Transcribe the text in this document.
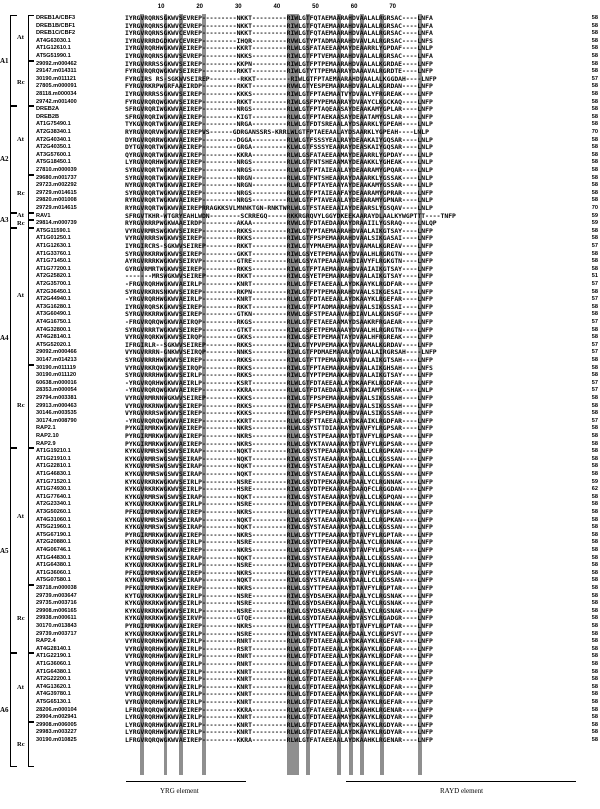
10	20	30	40	50	60	70
A1
At
Rc
A2
At
Rc
A3
At
Rc
A4
At
Rc
A5
At
Rc
A6
At
Rc
DREB1A/CBF3	IYRGVRQRNSGKWVSEVREP---------NKKT---------RIWLGTFQTAEMAARAHDVAALALRGRSAC----LNFA	58
DREB1B/CBF1	IYRGVRQRNSGKWVCEVREP---------NKKT---------RIWLGTFQTAEMAARAHDVAALALRGRSAC----LNFA	58
DREB1C/CBF2	IYRGVRQRNSGKWVCEVREP---------NKKT---------RIWLGTFQTAEMAARAHDVAALALRGRSAC----LNFA	58
AT4G63030.1	IYRGVRRRDGDKWVCEVREP---------IHQR---------RVWLGTYPTADMAARAHDVAVLALRGRSAC----LNFS	58
AT1G12610.1	IYRGVRQRHWGKWVAEIREP---------KKRT---------RLWLGSFATAEEAAMAYDEAARRLYGPDAF----LNLP	58
AT5G51990.1	IYRGVRQRNSGKWVSEVREP---------NKKS---------RIWLGTFPTVEMAARAHDVAALALRGRSAC----LNFA	58
29092.m000462	IYRGVRRRSSGKWVSEIREP---------KKPN---------RIWLGTFPTPEMAARAHDVAALALKGRDAE----LNFP	58
29147.m014311	FYRGVRQRQWGKWVSEIREP---------RKKT---------RIWLGTYTTPEMAARAYDAAAVALRGRDTE----LNFP	58
30190.m011121	FYRGIRS RS-SGKWVSEIREP--------RKKT---------RIWLGTFPTAEMAARAHDVAALALKGGDAH----LNFP	57
27805.m000091	FYRGVRKRPWGRFAAEIRDP---------RKKT---------RVWLGTYESPEMAARAHDVAALALKGRDAN----LNFP	58
28118.m000034	IYRGVRRRSSGKWVSEIREP---------KKKS---------RIWLGTFPTAEMAATVYDVAALYFRGREAK----LNFP	58
29742.m001400	FYRGVRQRQWGKWVSEIREP---------RKKT---------RIWLGSFPYPEMAARAYDVAAYCLKGCKAQ----LNFP	58
DREB2A	SFRGVRQRIWGKWVAEIREP---------NRGS---------RLWLGTFPTAQEAASAYDEAAKAMYGPLAR----LNFP	58
DREB2B	SFRGVRQRIWGKWVAEIREP---------KIGT---------RLWLGTFPTAEKAASAYDEAATAMYGSLAR----LNFP	58
AT1G75490.1	TYKGVRQRTWGKWVAEIREP---------NRGA---------RLWLGTFDTSREAALAYDSAARKLYGPEAH----LNLP	58
AT2G38340.1	RYRGVRQRVWGKWVAEIREPVS------GDRGANSSRS-KRRLWLGTFPTAEEAALAYDSAARKLYGPEAH----LNLP	70
AT2G40340.1	DYRGVRQRRWGKWVAEIREP---------DGGA---------RLWLGTFSSSYEALRAYDEAAKAIYGQSAR----LNLP	58
AT2G40350.1	DYTGVRQRTWGKWVAEIREP---------GRGA---------KLWLGTFSSSYEAARAYDEASKAIYGQSAR----LNLP	58
AT3G57600.1	QYRGVRQRTWGKWVAEIREP---------KKRA---------RLWLGSFATAEEAAMAYDEAARRLYGPDAY----LNLP	58
AT5G18450.1	LYRGVRQRHWGKWVAEIREP---------NRGS---------RLWLGTFNTSHEAAMAYDEAAKKLYGHEAK----LNLP	58
27810.m000039	SYRGVRQRTWGKWVAEIREP---------NRGS---------RLWLGTFPTAIEAALAYDEAARAMYGPQAR----LNLP	58
29680.m001737	SYRGVRQRTWGKWVAEIREP---------NRGN---------RLWLGTFNTSHEAARAYDAAARKLYGSSAK----LNLP	58
29723.m002292	NYRGVRQRTWGKWVAEIREP---------NRGN---------RLWLGTFPTAYEAAYAYDEAAKAMYGSSAR----LNLP	58
29729.m014615	SYRGVRQRTWGKWVAEIREP---------NRGS---------RLWLGTFPTAIEAAFAYDEAARAMYGPRAR----LNFP	58
29820.m001008	RYRGVRQRTWGKWVAEIREP---------NRGS---------RLWLGTFPTAVEAALAYDEAARAMYGPNAR----LNLP	58
29729.m014615	RYRGVRQRTWGKWVAEIREPRRAGKKSVLMNNKTGN-RNKTWRLWLGTFSTAEEAAIAYDEAARSLYGSQAV----LNLP	70
RAV1	SFRGVTKHR-WTGRYEAHLWDN--------SCRREGQ-----RKKRGRQVYLGGYDKEEKAARAYDLAALKYWGPTTT----TNFP	59
29814.m000739	RYRGVRRRPWGKWAAEIRDP---------AKAA---------RVWLGTFDTAEDAARAYDRAAIILYGSRAQ----LNLQP	59
AT5G11590.1	VYRGVRMRSWGKWVSEIREP---------RKKS---------RIWLGTYPTAEMAARAHDVAALAIKGTSAY----LNFP	58
AT1G01250.1	VYRGVRRRSWGKWVSEIREP---------RKKS---------RIWLGTFPSPEMAARAHDVAALSIKGASAI----LNFP	58
AT1G12630.1	IYRGIRCRS-SGKWVSEIREP--------RKKT---------RIWLGTYPMAEMAARAYDVAAMALKGREAV----LNFP	57
AT1G33760.1	SYRGVRKRRWGKWVSEIREP---------GKKT---------RIWLGSYETPEMAAAAYDVAALHLRGRGTN----LNFP	58
AT1G71450.1	AYRGVRRRKWGKWVSEIRVP---------GTRE---------RLWLGSYATPEAAAVAHDIAVYFLRGKGTN----LNFP	58
AT1G77200.1	GYRGVRMRTWGKWVSEIREP---------RKKS---------RIWLGTFPTAEMAARAHDVAAIAIKGTSAY----LNFP	58
AT2G25820.1	-------MRSWGKWVSEIREP--------RKKT---------RIWLGSYETPEMAARAHDVAALAIKGTSAY----LNFP	51
AT2G35700.1	-FRGVRQRHWGKWVAEIRLP---------KNRT---------RLWLGTFETAEEAALAYDKAAYKLRGDFAR----LNFP	57
AT2G36450.1	SYRGVRKRNSNKWVSEIREP---------RKPN---------RIWLGTFPTPEMAARAHDVAALSIKGESAI----LNFP	58
AT2G44940.1	-YRGVRQRHWGKWVAEIRLP---------KNRT---------RLWLGTFDTAEEAALAYDKAAYKLRGEFAR----LNFP	57
AT3G16280.1	IYRGVRQRSKGKWVSEIREP---------RKKT---------RIWLGTFPTADMAARAHDVAALSIKGSSAI----LNFP	58
AT3G60490.1	SYRGVRKRRWGKWVSEIREP---------GTKN---------RVWLGSFSTPEAAAVAHDIAVLALKGNSGF----LNFP	58
AT4G16750.1	-FRGVRQRQWGKWVAEIRQP---------RKGS---------RLWLGTFETAEEAAMAYDSAAKRFRGAEAR----LNFP	57
AT4G32800.1	SYRGVRRRTWGKWVSEIREP---------GTKT---------RIWLGSFETPEMAAAAYDVAALHLRGRGTN----LNFP	58
AT4G28140.1	VYRGVRQRKWGKWVSEIRQP---------GKKS---------RIWLGSFETPEMAATAYDVAALHFRGREAK----LNFP	58
AT5G52020.1	IFRGIRLR--SGKWVSEIREP--------RKKS---------RIWLGTYPVPEMAAKAYDVAAMALKGRDAV----LNFP	57
29092.m000466	VYNGVRRRN-GNKWVSEIRQP--------NNKS---------RIWLGTFPDMAEMAARAYDVAALAIRGRSAH----LNFP	57
30147.m014213	SYRGVRRRHWGKWVSEIREP---------RKKS---------RIWLGTFTTPEMAARAYDVAALAIKGTSAH----LNFP	58
30190.m011119	VYRGVRKRQWGKWVSEIRQP---------RKKS---------RIWLGTFPTAEMAARAHDVAALAIKGHSAH----LNFS	58
30190.m011120	SYRGVRRRHWGKWVSEIRLP---------RKKS---------RIWLGTYPTPEMAAKAHDVAALAIKGTSAY----LNFP	58
60638.m000016	-YRGVRQRHWGKWVAEIRLP---------KSRT---------RLWLGTFDTAEEAALAYDKAAFKLRGDFAR----LNFP	57
28353.m000054	-YRGVRQRQWGKWVAEIREP---------KKRA---------RLWLGTFDTAEDAALAYDKAAIAMYGSHAK----LNLP	57
29794.m003381	VYRGVRMRNNWGKWVSEIREP--------KKKS---------RIWLGTFPSPEMAARAHDVAALSIKGSSAH----LNFP	58
29913.m000463	VYRGVRKRNWGKWVSEIREP---------RKKS---------RIWLGTFPSAEMAARAHDVAALSIKGSSAH----LNFP	58
30146.m003535	VYRGVRRRSWGKWVSEIREP---------KKKS---------RIWLGTFPSPEMAARAHDVAALSIKGSSAH----LNFP	58
30174.m008790	-YRGVRQRQWGKWVAEIREP---------KKRT---------RLWLGSFTTAEEAALAYDKAAIKLRGDFAR----LNFP	57
RAP2.1	PYKGIRMRKWGKWVAEIREP---------NKRS---------RLWLGSYSTTDIAARAYDVAVFYLRGPSAR----LNFP	58
RAP2.10	PYRGIRMRKWGKWVAEIREP---------NKRS---------RLWLGSYSTPEAAARAYDTAVFYLRGPSAR----LNFP	58
RAP2.9	PYKGIRMRKWGKWVAEIREP---------NKRS---------RLWLGSYKTAVAAARAYDTAVFYLRGPSAR----LNFP	58
AT1G19210.1	KYKGVRMRSWGSWVSEIRAP---------NQKT---------RIWLGSYSTPEAAARAYDAALLCLRGPKAN----LNFP	58
AT1G21910.1	KYKGVRMRSWGSWVSEIRAP---------NQKT---------RIWLGSYSTAEAAARAYDAALLCLKGSSAN----LNFP	58
AT1G22810.1	KYKGVRMRSWGSWVSEIRAP---------NQKT---------RIWLGSYSTAEAAARAYDAALLCLRGPKAN----LNFP	58
AT1G46830.1	KYKGVRMRSWGSWVSEIRAP---------NQKT---------RIWLGSYSTAEAAARAYDAALLCLKGSSAN----LNFP	58
AT1G71520.1	KYKGVRKRKWGKWVSEIRLP---------NSRE---------RIWLGSYDTPEKAARAFDAALYCLRGNNAK----LNFP	59
AT1G74930.1	KYKGVRKRKWGKWVSEIRLP---------HSRE---------RIWLGSYDTPEKAARAFDAAQFCLRGGDAN----LNFP	62
AT1G77640.1	KYKGVRMRSWGSWVSEIRAP---------NQKT---------RIWLGSYSTAEAAARAYDVALLCLKGPQAN----LNFP	58
AT2G23340.1	KYKGVRKRKWGKWVSEIRLP---------NSRE---------RIWLGSYDTPEKAARAFDAALYCLRGNNAK----LNFP	58
AT3G50260.1	PFKGIRMRKWGKWVAEIREP---------NKRS---------RLWLGSYTTPEAAARAYDTAVFYLRGPSAR----LNFP	58
AT4G31060.1	KYKGVRMRSWGSWVSEIRAP---------NQKT---------RIWLGSYSTAEAAARAYDAALLCLRGPKAN----LNFP	58
AT5G21960.1	KYKGVRMRSWGSWVSEIRAP---------NQKT---------RIWLGSYSTAEAAARAYDAALLCLKGSSAN----LNFP	58
AT5G67190.1	PYRGIRMRKWGKWVAEIREP---------NKRS---------RLWLGSYTTPEAAARAYDTAVFYLRGPTAR----LNFP	58
AT2G20880.1	KYKGVRKRKWGKWVSEIRLP---------NSRE---------RIWLGSYDTPEKAARAFDAALYCLRGNNAK----LNFP	58
AT4G06746.1	PFKGIRMRKWGKWVAEIREP---------NKRS---------RLWLGSYTTPEAAARAYDTAVFYLRGPSAR----LNFP	58
AT1G44830.1	KYKGVRMRSWGSWVSEIRAP---------NQKT---------RIWLGSYSTAEAAARAYDAALLCLKGSSAN----LNFP	58
AT1G64380.1	KYKGVRKRKWGKWVSEIRLP---------NSRE---------RIWLGSYDTPEKAARAFDAALYCLRGNNAK----LNFP	58
AT1G36060.1	PFKGIRMRKWGKWVAEIREP---------NKRS---------RLWLGSYTTPEAAARAYDTAVFYLRGPSAR----LNFP	58
AT5G07580.1	KYKGVRMRSWGSWVSEIRAP---------NQKT---------RIWLGSYSTAEAAARAYDAALLCLKGSSAN----LNFP	58
28718.m000038	PFKGIRMRKWGKWVAEIREP---------NKRS---------RLWLGSYTTPEAAARAYDTAVFYLRGPTAR----LNFP	58
29739.m003647	KYTGVRKRKWGKWVSEIRLP---------NSRE---------RIWLGSYDSAEKAARAFDAALYCLRGSNAK----LNFP	58
29735.m003716	KYKGVRKRKWGKWVSEIRLP---------NSRE---------RIWLGSYDSAEKAARAFDAALYCLRGSNAK----LNFP	58
29908.m006165	KYKGVRKRKWGKWVSEIRLP---------NSRE---------RIWLGSYDSAEKAARAFDAALYCLRGSNAK----LNFP	58
29938.m000611	KYKGVRKRKWGKWVSEIRVP---------GTQE---------RLWLGSYDTAEAAARAHDVASYCLRGADGR----LNFP	58
30170.m013843	PYRGIRMRKWGKWVAEIREP---------NKRS---------RLWLGSYTTPEAAARAYDTAVFYLRGPTAR----LNFP	58
29739.m003717	KYKGVRKRKWGKWVSEIRLP---------NSRE---------RIWLGSYNTAEEAARAFDAALYCLRGPSVT----LNFP	58
RAP2.4	VYRGVRQRHWGKWVAEIRLP---------RNRT---------RLWLGTFDTAEEAALAYDKAAYKLRGEFAR----LNFP	58
AT4G28140.1	VYRGVRQRHWGKWVAEIRLP---------RSRT---------RLWLGTFDTAEEAALAYDKAAYKLRGDFAR----LNFP	58
AT1G22190.1	VYRGVRQRHWGKWVAEIRLP---------RNRT---------RLWLGTFDTAEEAALAYDKAAYKLRGDFAR----LNFP	58
AT1G36060.1	VYRGVRQRHWGKWVAEIRLP---------RNRT---------RLWLGTFDTAEEAALAYDKAAYKLRGEFAR----LNFP	58
AT1G64380.1	VYRGVRQRHWGKWVAEIRLP---------KNRT---------RLWLGTFDTAEEAALAYDKAAYKLRGDFAR----LNFP	58
AT2G22200.1	VYRGVRQRHWGKWVAEIRLP---------KNRT---------RLWLGTFDTAEEAALAYDKAAYKLRGEFAR----LNFP	58
AT4G13620.1	VYRGVRQRHWGKWVAEIRLP---------KNRT---------RLWLGTFDTAEEAAMAYDKAAYKLRGDFAR----LNFP	58
AT4G39780.1	VYRGVRQRHWGKWVAEIRLP---------KNRT---------RLWLGTFDTAEEAAMAYDKAAYKLRGDFAR----LNFP	58
AT5G65130.1	VYRGVRQRHWGKWVAEIRLP---------KNRT---------RLWLGTFDTAEEAALAYDKAAYKLRGEFAR----LNFP	58
28206.m000104	LFRGVRQRQWGKWVAEIREP---------KKRA---------RLWLGTFATAEEAALAYDKAAHKLRGENAR----LNFP	58
29904.m002941	LYRGVRQRHWGKWVAEIRLP---------KNRT---------RLWLGTFDTAEEAAMAYDKAAYKLRGDYAR----LNFP	58
29908.m006005	LYRGVRQRHWGKWVAEIRLP---------KNRT---------RLWLGTFDTAEEAAMAYDKAAYKLRGDYAR----LNFP	58
29983.m003227	LYRGVRQRHWGKWVAEIRLP---------KNRT---------RLWLGTFDTAEEAALAYDKAAYKLRGDYAR----LNFP	58
30190.m010825	LFRGVRQRQWGKWVAEIREP---------KKRA---------RLWLGTFATAEEAALAYDKAAHKLRGENAR----LNFP	58
YRG element	RAYD element
